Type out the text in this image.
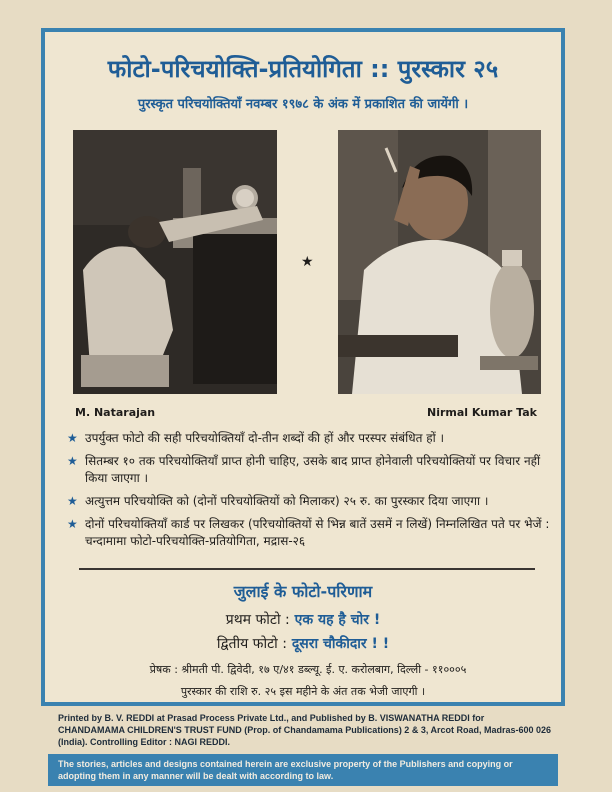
फोटो-परिचयोक्ति-प्रतियोगिता :: पुरस्कार २५
पुरस्कृत परिचयोक्तियाँ नवम्बर १९७८ के अंक में प्रकाशित की जायेंगी ।
★
M. Natarajan	Nirmal Kumar Tak
★ उपर्युक्त फोटो की सही परिचयोक्तियाँ दो-तीन शब्दों की हों और परस्पर संबंधित हों ।
★ सितम्बर १० तक परिचयोक्तियाँ प्राप्त होनी चाहिए, उसके बाद प्राप्त होनेवाली परिचयोक्तियों पर विचार नहीं किया जाएगा ।
★ अत्युत्तम परिचयोक्ति को (दोनों परिचयोक्तियों को मिलाकर) २५ रु. का पुरस्कार दिया जाएगा ।
★ दोनों परिचयोक्तियाँ कार्ड पर लिखकर (परिचयोक्तियों से भिन्न बातें उसमें न लिखें) निम्नलिखित पते पर भेजें : चन्दामामा फोटो-परिचयोक्ति-प्रतियोगिता, मद्रास-२६
जुलाई के फोटो-परिणाम
प्रथम फोटो : एक यह है चोर !
द्वितीय फोटो : दूसरा चौकीदार ! !
प्रेषक : श्रीमती पी. द्विवेदी, १७ ए/४१ डब्ल्यू. ई. ए. करोलबाग, दिल्ली - ११०००५
पुरस्कार की राशि रु. २५ इस महीने के अंत तक भेजी जाएगी ।
Printed by B. V. REDDI at Prasad Process Private Ltd., and Published by B. VISWANATHA REDDI for CHANDAMAMA CHILDREN'S TRUST FUND (Prop. of Chandamama Publications) 2 & 3, Arcot Road, Madras-600 026 (India). Controlling Editor : NAGI REDDI.
The stories, articles and designs contained herein are exclusive property of the Publishers and copying or adopting them in any manner will be dealt with according to law.
